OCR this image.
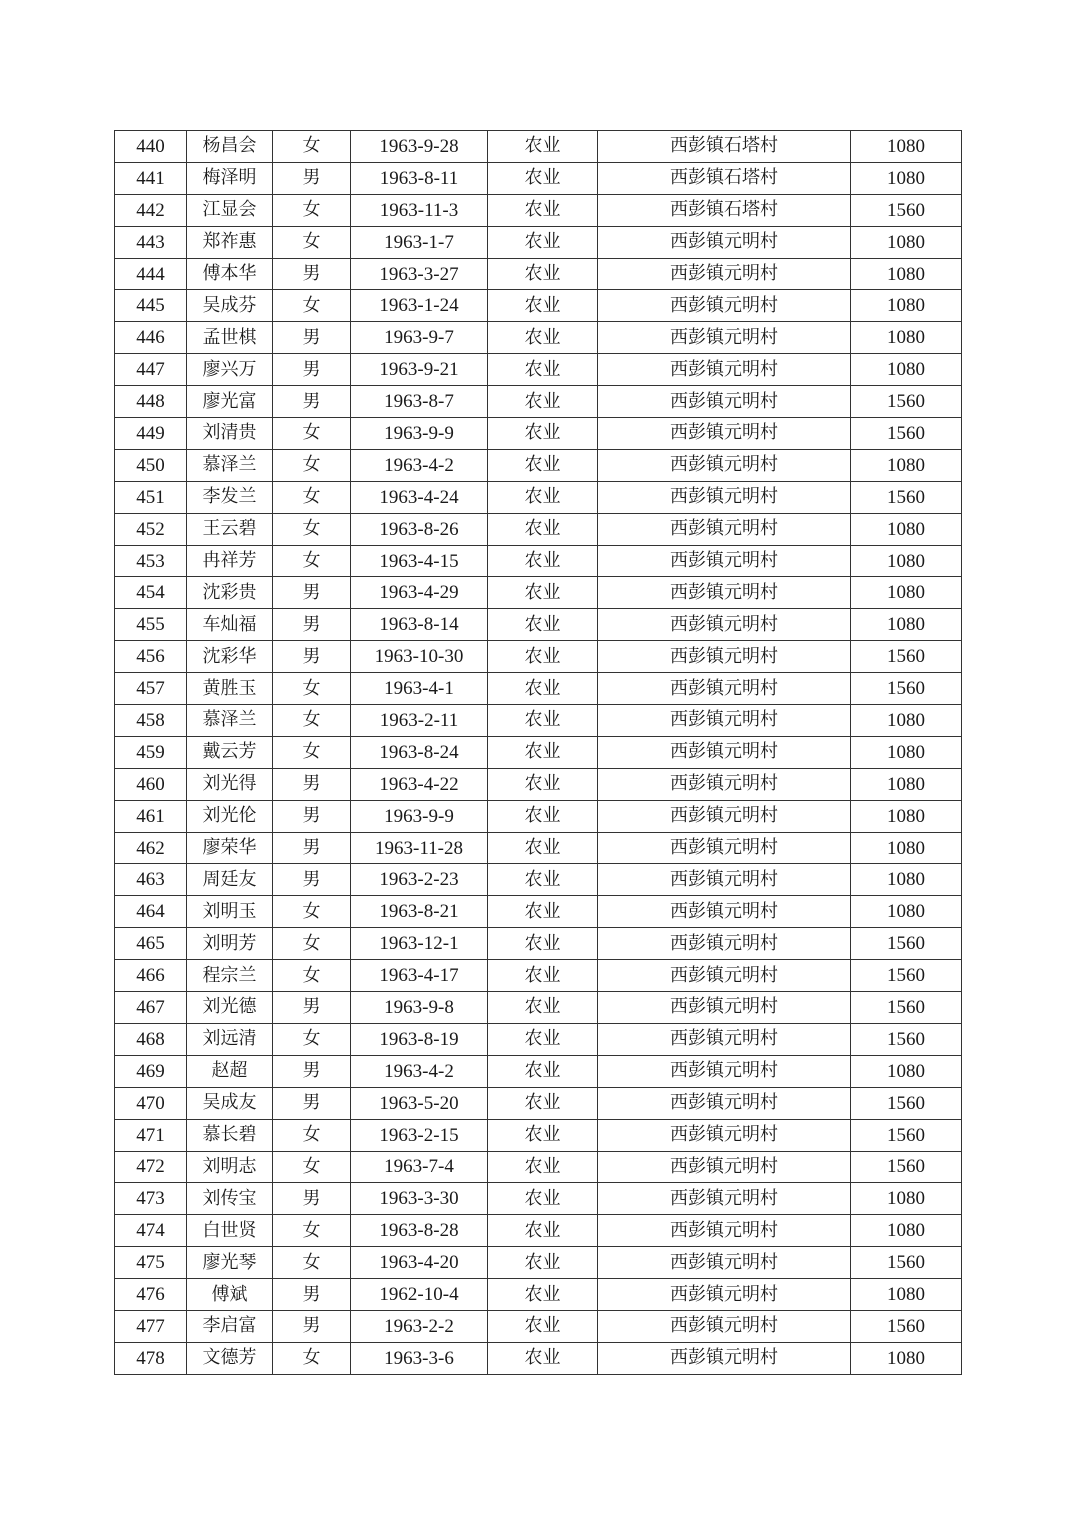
440	杨昌会	女	1963-9-28	农业	西彭镇石塔村	1080
441	梅泽明	男	1963-8-11	农业	西彭镇石塔村	1080
442	江显会	女	1963-11-3	农业	西彭镇石塔村	1560
443	郑祚惠	女	1963-1-7	农业	西彭镇元明村	1080
444	傅本华	男	1963-3-27	农业	西彭镇元明村	1080
445	吴成芬	女	1963-1-24	农业	西彭镇元明村	1080
446	孟世棋	男	1963-9-7	农业	西彭镇元明村	1080
447	廖兴万	男	1963-9-21	农业	西彭镇元明村	1080
448	廖光富	男	1963-8-7	农业	西彭镇元明村	1560
449	刘清贵	女	1963-9-9	农业	西彭镇元明村	1560
450	慕泽兰	女	1963-4-2	农业	西彭镇元明村	1080
451	李发兰	女	1963-4-24	农业	西彭镇元明村	1560
452	王云碧	女	1963-8-26	农业	西彭镇元明村	1080
453	冉祥芳	女	1963-4-15	农业	西彭镇元明村	1080
454	沈彩贵	男	1963-4-29	农业	西彭镇元明村	1080
455	车灿福	男	1963-8-14	农业	西彭镇元明村	1080
456	沈彩华	男	1963-10-30	农业	西彭镇元明村	1560
457	黄胜玉	女	1963-4-1	农业	西彭镇元明村	1560
458	慕泽兰	女	1963-2-11	农业	西彭镇元明村	1080
459	戴云芳	女	1963-8-24	农业	西彭镇元明村	1080
460	刘光得	男	1963-4-22	农业	西彭镇元明村	1080
461	刘光伦	男	1963-9-9	农业	西彭镇元明村	1080
462	廖荣华	男	1963-11-28	农业	西彭镇元明村	1080
463	周廷友	男	1963-2-23	农业	西彭镇元明村	1080
464	刘明玉	女	1963-8-21	农业	西彭镇元明村	1080
465	刘明芳	女	1963-12-1	农业	西彭镇元明村	1560
466	程宗兰	女	1963-4-17	农业	西彭镇元明村	1560
467	刘光德	男	1963-9-8	农业	西彭镇元明村	1560
468	刘远清	女	1963-8-19	农业	西彭镇元明村	1560
469	赵超	男	1963-4-2	农业	西彭镇元明村	1080
470	吴成友	男	1963-5-20	农业	西彭镇元明村	1560
471	慕长碧	女	1963-2-15	农业	西彭镇元明村	1560
472	刘明志	女	1963-7-4	农业	西彭镇元明村	1560
473	刘传宝	男	1963-3-30	农业	西彭镇元明村	1080
474	白世贤	女	1963-8-28	农业	西彭镇元明村	1080
475	廖光琴	女	1963-4-20	农业	西彭镇元明村	1560
476	傅斌	男	1962-10-4	农业	西彭镇元明村	1080
477	李启富	男	1963-2-2	农业	西彭镇元明村	1560
478	文德芳	女	1963-3-6	农业	西彭镇元明村	1080
